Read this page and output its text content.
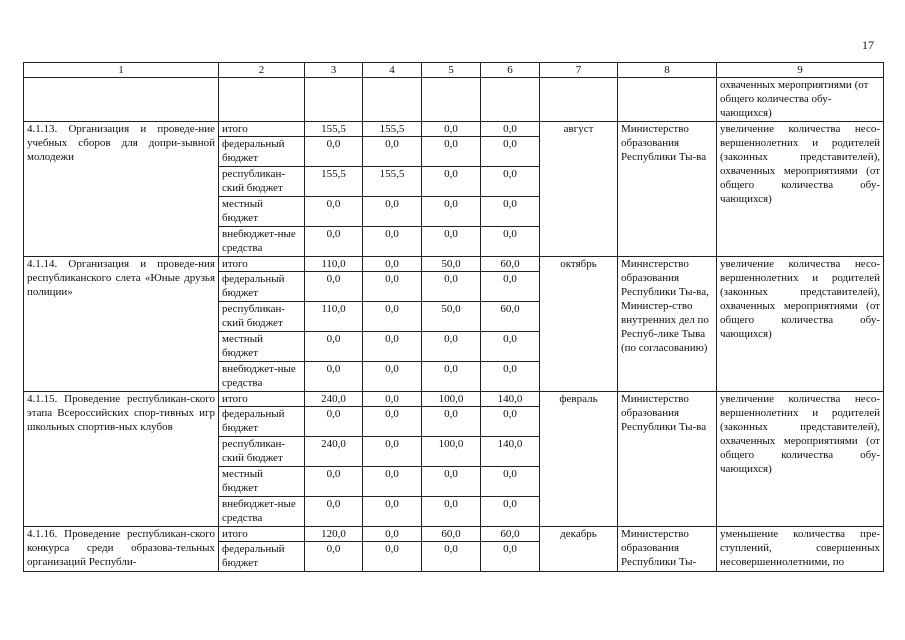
17
1	2	3	4	5	6	7	8	9
								охваченных мероприятиями (от общего количества обу-чающихся)
4.1.13. Организация и проведе-ние учебных сборов для допри-зывной молодежи	итого	155,5	155,5	0,0	0,0	август	Министерство образования Республики Ты-ва	увеличение количества несо-вершеннолетних и родителей (законных представителей), охваченных мероприятиями (от общего количества обу-чающихся)
	федеральный бюджет	0,0	0,0	0,0	0,0			
	республикан-ский бюджет	155,5	155,5	0,0	0,0			
	местный бюджет	0,0	0,0	0,0	0,0			
	внебюджет-ные средства	0,0	0,0	0,0	0,0			
4.1.14. Организация и проведе-ния республиканского слета «Юные друзья полиции»	итого	110,0	0,0	50,0	60,0	октябрь	Министерство образования Республики Ты-ва, Министер-ство внутренних дел по Респуб-лике Тыва (по согласованию)	увеличение количества несо-вершеннолетних и родителей (законных представителей), охваченных мероприятиями (от общего количества обу-чающихся)
	федеральный бюджет	0,0	0,0	0,0	0,0			
	республикан-ский бюджет	110,0	0,0	50,0	60,0			
	местный бюджет	0,0	0,0	0,0	0,0			
	внебюджет-ные средства	0,0	0,0	0,0	0,0			
4.1.15. Проведение республикан-ского этапа Всероссийских спор-тивных игр школьных спортив-ных клубов	итого	240,0	0,0	100,0	140,0	февраль	Министерство образования Республики Ты-ва	увеличение количества несо-вершеннолетних и родителей (законных представителей), охваченных мероприятиями (от общего количества обу-чающихся)
	федеральный бюджет	0,0	0,0	0,0	0,0			
	республикан-ский бюджет	240,0	0,0	100,0	140,0			
	местный бюджет	0,0	0,0	0,0	0,0			
	внебюджет-ные средства	0,0	0,0	0,0	0,0			
4.1.16. Проведение республикан-ского конкурса среди образова-тельных организаций Республи-	итого	120,0	0,0	60,0	60,0	декабрь	Министерство образования Республики Ты-	уменьшение количества пре-ступлений, совершенных несовершеннолетними, по
	федеральный бюджет	0,0	0,0	0,0	0,0			
